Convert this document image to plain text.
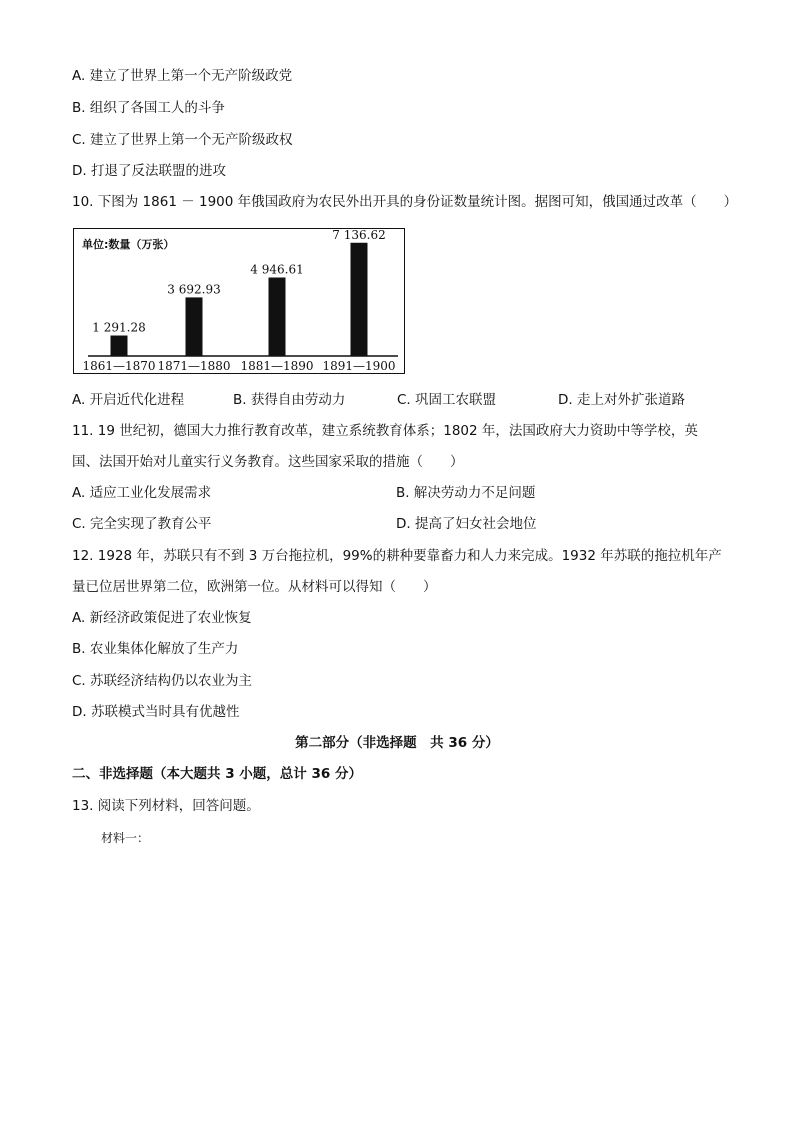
A. 建立了世界上第一个无产阶级政党
B. 组织了各国工人的斗争
C. 建立了世界上第一个无产阶级政权
D. 打退了反法联盟的进攻
10. 下图为 1861 － 1900 年俄国政府为农民外出开具的身份证数量统计图。据图可知，俄国通过改革（　　）
单位:数量（万张）
1 291.28
1861—1870
3 692.93
1871—1880
4 946.61
1881—1890
7 136.62
1891—1900
A. 开启近代化进程	B. 获得自由劳动力	C. 巩固工农联盟	D. 走上对外扩张道路
11. 19 世纪初，德国大力推行教育改革，建立系统教育体系；1802 年，法国政府大力资助中等学校，英
国、法国开始对儿童实行义务教育。这些国家采取的措施（　　）
A. 适应工业化发展需求	B. 解决劳动力不足问题
C. 完全实现了教育公平	D. 提高了妇女社会地位
12. 1928 年，苏联只有不到 3 万台拖拉机，99%的耕种要靠畜力和人力来完成。1932 年苏联的拖拉机年产
量已位居世界第二位，欧洲第一位。从材料可以得知（　　）
A. 新经济政策促进了农业恢复
B. 农业集体化解放了生产力
C. 苏联经济结构仍以农业为主
D. 苏联模式当时具有优越性
第二部分（非选择题　共 36 分）
二、非选择题（本大题共 3 小题，总计 36 分）
13. 阅读下列材料，回答问题。
材料一：
